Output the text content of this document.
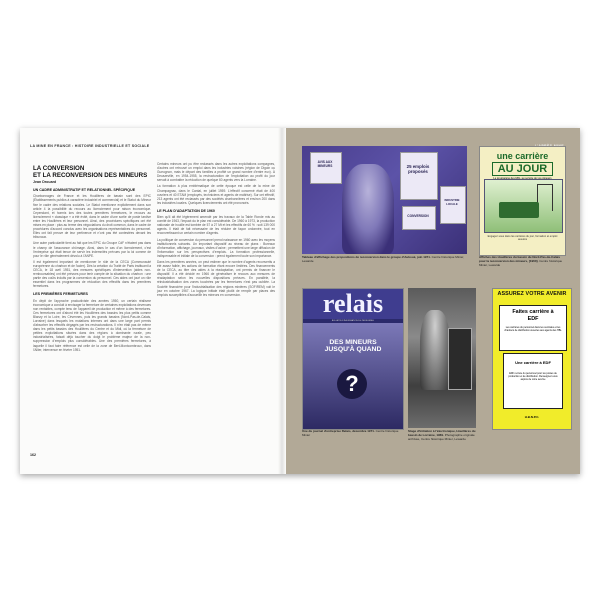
LA MINE EN FRANCE : HISTOIRE INDUSTRIELLE ET SOCIALE
LA CONVERSION
ET LA RECONVERSION DES MINEURS
Jean Drouard
UN CADRE ADMINISTRATIF ET RELATIONNEL SPÉCIFIQUE

Charbonnages de France et les Houillères de bassin sont des EPIC (Établissements publics à caractère industriel et commercial) et le Statut du Mineur fixe le cadre des relations sociales. Le Statut mentionne explicitement dans son article 4 la possibilité du recours au licenciement pour raison économique. Cependant, et hormis lors des toutes premières fermetures, le recours au licenciement « classique » a été évité, dans le cadre d'une sortie de poste tardive entre les Houillères et leur personnel. Ainsi, des procédures spécifiques ont été mises en place : plus au terme des négociations du droit commun, dans le cadre de procédures d'accord conclus avec les organisations représentatives du personnel. Elles ont fait preuve de leur pertinence et n'ont pas été contestées devant les tribunaux.

Une autre particularité tient au fait que les EPIC du Groupe CdF n'étaient pas dans le champ de l'assurance chômage. Ainsi, dans le cas d'un licenciement, c'est l'entreprise qui était tenue de servir les indemnités prévues par la loi comme de pour le rôle généralement dévolu à l'ANPE.

Il est également important de mentionner le rôle de la CECA (Communauté européenne du charbon et de l'acier). Dès la création du Traité de Paris instituant la CECA, le 18 avril 1951, des mesures spécifiques d'intervention (aides non-remboursables) ont été prévues pour tenir compte de la situation du charbon : une partie des coûts induits par la conversion du personnel. Ces aides ont joué un rôle essentiel dans les programmes de réduction des effectifs dans les premières fermetures.

LES PREMIÈRES FERMETURES

En dépit de l'approche productiviste des années 1950, un certain réalisme économique a conduit à envisager la fermeture de certaines exploitations devenues non rentables, compte tenu de l'appareil de production et même à des fermetures. Ces fermetures ont d'abord été les Houillères des bassins les plus petits comme Blanzy et la Loire, les Cévennes, puis les grands bassins (Nord-Pas-de-Calais, Lorraine) dans lesquels les mutations internes ont dans une large part permis d'absorber les effectifs dégagés par les restructurations. Il n'en était pas de même dans les petits bassins des Houillères du Centre et du Midi, où la fermeture de petites exploitations situées dans des régions à dominante rurale, peu industrialisées, faisait déjà toucher du doigt le problème majeur de la non-suppression d'emplois plus considérables. Une des premières fermetures, à laquelle il faut faire référence est celle de la zone de Bert-Montcombroux, dans l'Allier, intervenue en février 1951.

Certains mineurs ont pu être reclassés dans les autres exploitations compagnes, d'autres ont retrouvé un emploi dans les industries voisines (région de Digoin ou Gueugnon, mais le départ des familles a profité un grand nombre d'entre eux). À Decazeville, en 1954-1955, la restructuration de l'exploitation au profit du jour servait à combattre la réduction de quelque 60 agents vers la Lorraine.

La formation à plus emblématique de cette époque est celle de la mine de Champagnac, dans le Cantal, en juillet 1959. L'effectif concerné était de 400 ouvriers et 40 ETAM (employés, techniciens et agents de maîtrise). Sur cet effectif, 213 agents ont été reclassés par des sociétés charbonnières et environ 200 dans les industries locales. Quelques licenciements ont été prononcés.

LE PLAN D'ADAPTATION DE 1960

Bien qu'il ait été légèrement amendé par les travaux de la Table Ronde mis au comité de 1963, l'impact du le plan est considérable. De 1960 à 1973, la production nationale de houille est tombée de 57 à 27 Mt et les effectifs de 60 % : soit 139 000 agents. Il était de fait nécessaire de les réduire de façon ordonnée, tout en reconvertissant un certain nombre d'agents.

La politique de conversion du personnel prend naissance en 1960 avec les moyens institutionnels suivants. Un important dispositif au niveau de plans : Bureaux d'information, affichage, journaux, visites d'usine ; permettent une large diffusion de l'information sur les perspectives d'emplois. La formation professionnelle, indispensable et initiale de la conversion : prend également toute son importance.

Dans les premières années, on peut estimer que le nombre d'agents reconvertis a été assez faible, les actions de formation étant encore limitées. Des financements de la CECA, au titre des aides à la réadaptation, ont permis de financer le dispositif. Il a été décidé en 1966 de généraliser le recours aux mesures de réadaptation selon les nouvelles dispositions prévues. En parallèle, la réindustrialisation des zones touchées par les fermetures n'est pas oubliée. La Société financière pour l'industrialisation des régions minières (SOFIREM) voit le jour en octobre 1967. La logique initiale était plutôt de remplir par places des emplois susceptibles d'accueillir les mineurs en conversion.

162
AVIS AUX MINEURS	25 emplois proposés
INDUSTRIE LOCALE
CONVERSION
Tableau d'affichage des propositions de reconversion dans le groupe d'Auboué, juin 1971. Centre historique Minier, Lewarde
une carrière
AU JOUR
Engagez-vous dans les carrières du jour, formation et emploi assurés
Affiches des Houillères du bassin du Nord-Pas-de-Calais pour la reconversion des mineurs, [1960]. Centre historique Minier, Lewarde
relais
BULLETIN D'INFORMATION DU PERSONNEL
DES MINEURS
JUSQU'À QUAND
?
Une du journal d'entreprise Relais, décembre 1971. Centre historique Minier
Stage d'initiation à l'électronique, Houillères du bassin de Lorraine, 1969. Photographie originale archivée, Centre historique Minier, Lewarde
ASSUREZ VOTRE AVENIR
Faites carrière à
EDF
Les carrières du personnel dans les centrales et les chantiers de distribution ouvertes aux agents des HBL
Une carrière à EDF
EDF recrute du personnel pour les postes de production et de distribution. Renseignez-vous auprès de votre service
H.B.N.P.C.
